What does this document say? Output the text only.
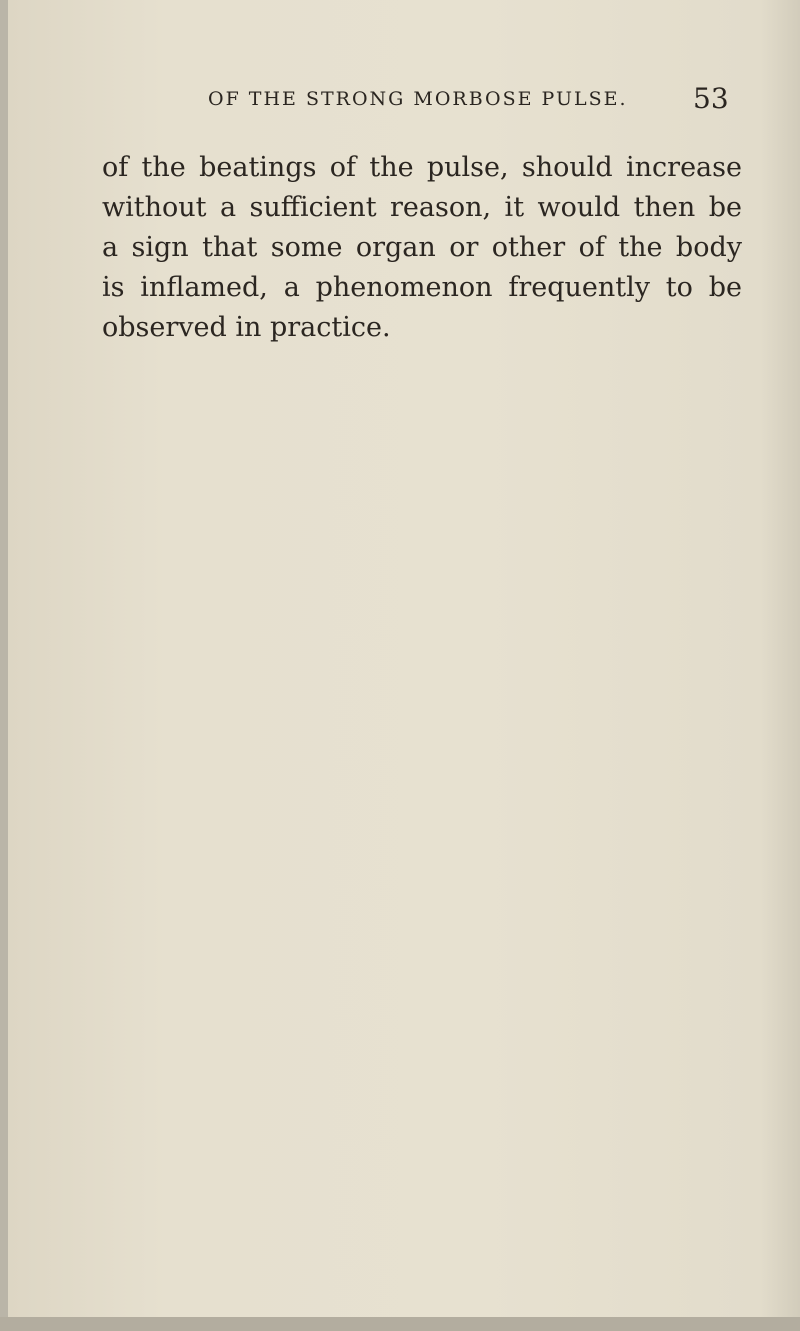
OF THE STRONG MORBOSE PULSE.	53
of the beatings of the pulse, should increase
without a sufficient reason, it would then be
a sign that some organ or other of the body
is inflamed, a phenomenon frequently to be
observed in practice.
